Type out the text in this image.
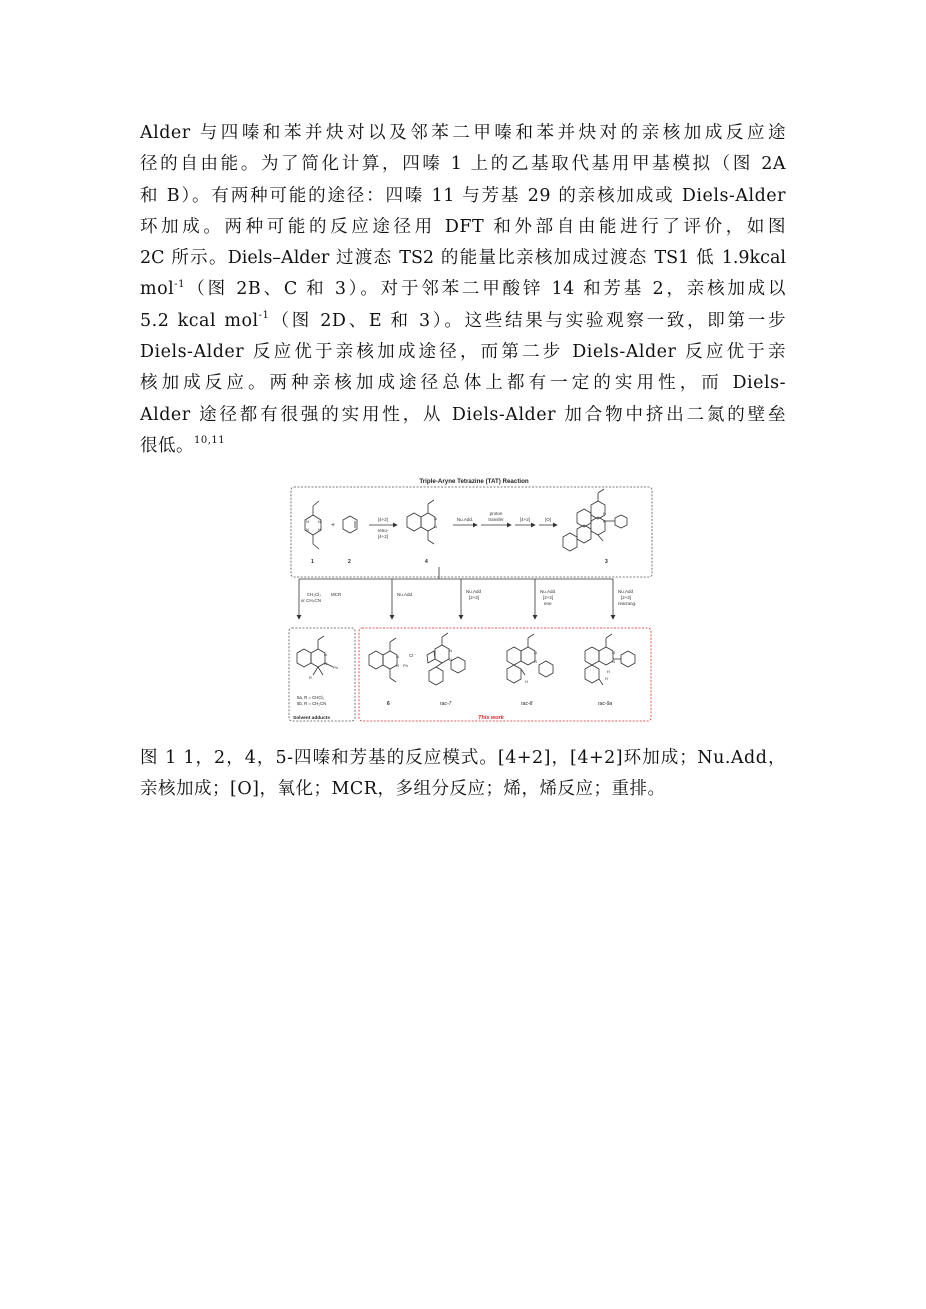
Alder 与四嗪和苯并炔对以及邻苯二甲嗪和苯并炔对的亲核加成反应途
径的自由能。为了简化计算，四嗪 1 上的乙基取代基用甲基模拟（图 2A
和 B）。有两种可能的途径：四嗪 11 与芳基 29 的亲核加成或 Diels-Alder
环加成。两种可能的反应途径用 DFT 和外部自由能进行了评价，如图
2C 所示。Diels–Alder 过渡态 TS2 的能量比亲核加成过渡态 TS1 低 1.9kcal
mol$^{-1}$（图 2B、C 和 3）。对于邻苯二甲酸锌 14 和芳基 2，亲核加成以
5.2 kcal mol$^{-1}$（图 2D、E 和 3）。这些结果与实验观察一致，即第一步
Diels-Alder 反应优于亲核加成途径，而第二步 Diels-Alder 反应优于亲
核加成反应。两种亲核加成途径总体上都有一定的实用性，而 Diels-
Alder 途径都有很强的实用性，从 Diels-Alder 加合物中挤出二氮的壁垒
很低。$^{10,11}$
Triple-Aryne Tetrazine (TAT) Reaction
N N
N N
1
+
2
[4+2]
retro-
[4+2]
N
N
4
Nu.Add.
proton
transfer	[4+2]	[O]
N
N
3
CH₂Cl₂
or CH₃CN
MCR	Nu.Add.
Nu.Add
[2+2]
Nu.Add
[2+2]
ene
Nu.Add
[2+2]
rearrang.
N
N
Ph
R
5a, R = CHCl₂
5b, R = CH₂CN
Solvent adducts
N
N Ph
Cl⁻
6
N
N
rac-7
N
N
H
rac-8
N
N
H
H
rac-9a
This work
图 1 1，2，4，5-四嗪和芳基的反应模式。[4+2]，[4+2]环加成；Nu.Add，
亲核加成；[O]，氧化；MCR，多组分反应；烯，烯反应；重排。
